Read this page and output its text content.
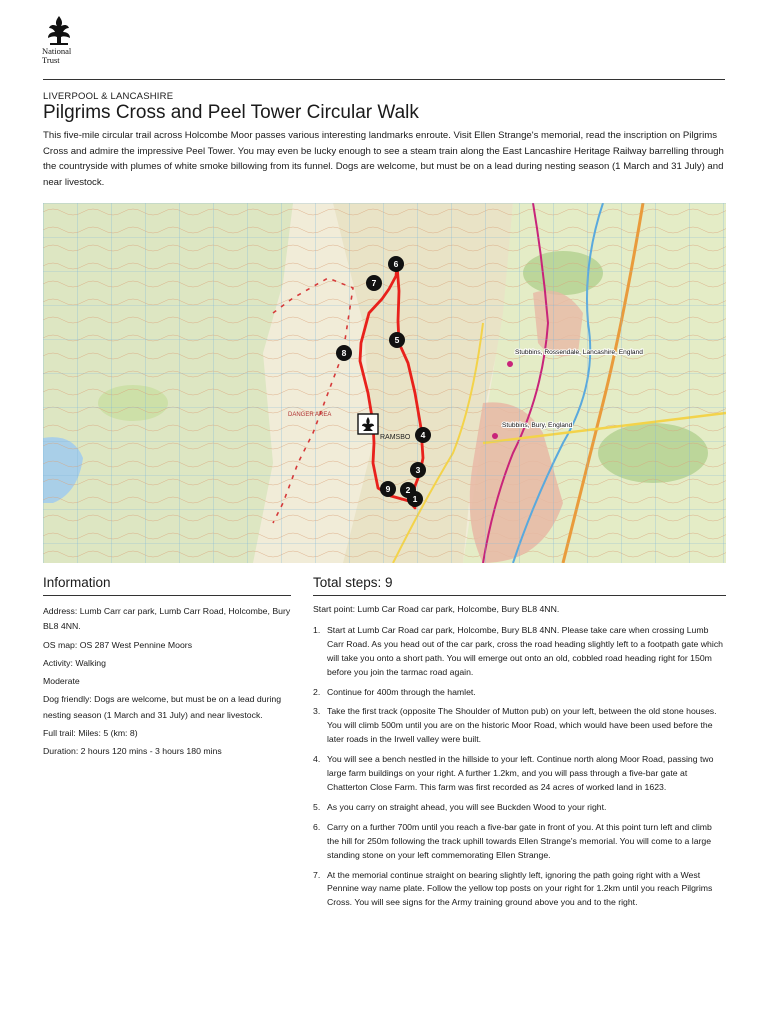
National
Trust
LIVERPOOL & LANCASHIRE
Pilgrims Cross and Peel Tower Circular Walk

This five-mile circular trail across Holcombe Moor passes various interesting landmarks enroute. Visit Ellen Strange's memorial, read the inscription on Pilgrims Cross and admire the impressive Peel Tower. You may even be lucky enough to see a steam train along the East Lancashire Heritage Railway barrelling through the countryside with plumes of white smoke billowing from its funnel. Dogs are welcome, but must be on a lead during nesting season (1 March and 31 July) and near livestock.

DANGER AREA
Stubbins, Rossendale, Lancashire, England
Stubbins, Bury, England
RAMSBO
1
2
3
4
5
6
7
8
9
Information	Total steps: 9

Address: Lumb Carr car park, Lumb Carr Road, Holcombe, Bury BL8 4NN.

OS map: OS 287 West Pennine Moors

Activity: Walking

Moderate

Dog friendly: Dogs are welcome, but must be on a lead during nesting season (1 March and 31 July) and near livestock.

Full trail: Miles: 5 (km: 8)

Duration: 2 hours 120 mins - 3 hours 180 mins

Start point: Lumb Car Road car park, Holcombe, Bury BL8 4NN.

1. Start at Lumb Car Road car park, Holcombe, Bury BL8 4NN. Please take care when crossing Lumb Carr Road. As you head out of the car park, cross the road heading slightly left to a footpath gate which will take you onto a short path. You will emerge out onto an old, cobbled road heading right for 150m before you join the tarmac road again.
2. Continue for 400m through the hamlet.
3. Take the first track (opposite The Shoulder of Mutton pub) on your left, between the old stone houses. You will climb 500m until you are on the historic Moor Road, which would have been used before the later roads in the Irwell valley were built.
4. You will see a bench nestled in the hillside to your left. Continue north along Moor Road, passing two large farm buildings on your right. A further 1.2km, and you will pass through a five-bar gate at Chatterton Close Farm. This farm was first recorded as 24 acres of worked land in 1623.
5. As you carry on straight ahead, you will see Buckden Wood to your right.
6. Carry on a further 700m until you reach a five-bar gate in front of you. At this point turn left and climb the hill for 250m following the track uphill towards Ellen Strange's memorial. You will come to a large standing stone on your left commemorating Ellen Strange.
7. At the memorial continue straight on bearing slightly left, ignoring the path going right with a West Pennine way name plate. Follow the yellow top posts on your right for 1.2km until you reach Pilgrims Cross. You will see signs for the Army training ground above you and to the right.
